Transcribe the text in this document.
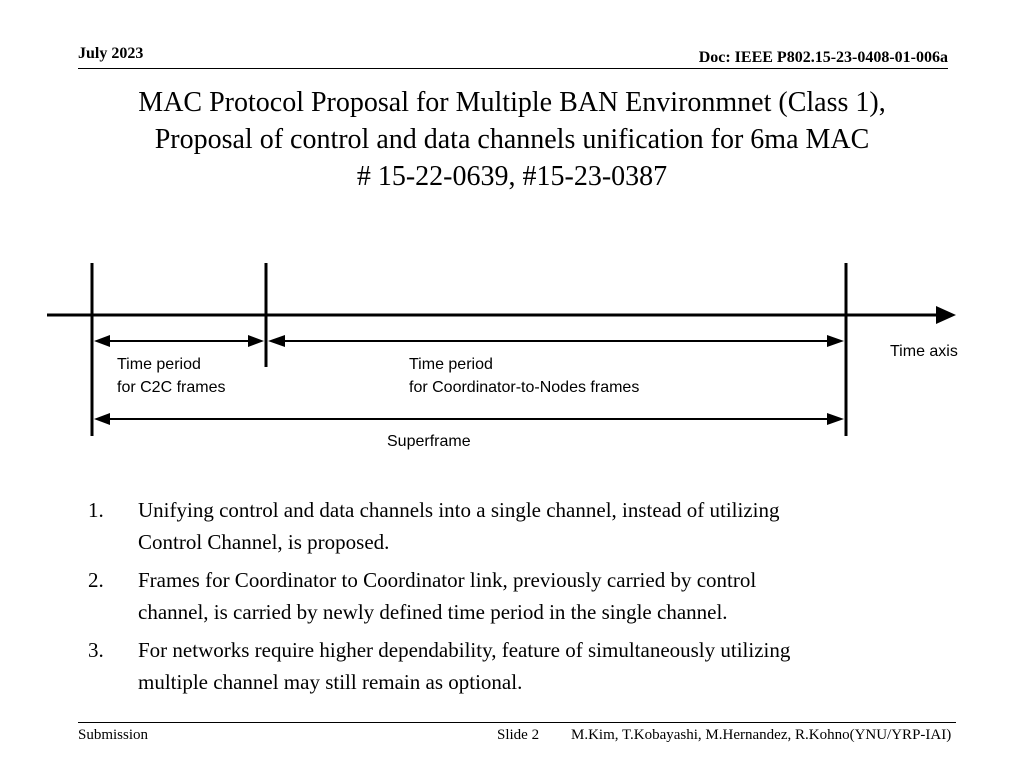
July 2023	Doc: IEEE P802.15-23-0408-01-006a
MAC Protocol Proposal for Multiple BAN Environmnet (Class 1),
Proposal of control and data channels unification for 6ma MAC
# 15-22-0639, #15-23-0387
Time axis
Time period
for C2C frames
Time period
for Coordinator-to-Nodes frames
Superframe
1. Unifying control and data channels into a single channel, instead of utilizing
Control Channel, is proposed.
2. Frames for Coordinator to Coordinator link, previously carried by control
channel, is carried by newly defined time period in the single channel.
3. For networks require higher dependability, feature of simultaneously utilizing
multiple channel may still remain as optional.
Submission	Slide 2 M.Kim, T.Kobayashi, M.Hernandez, R.Kohno(YNU/YRP-IAI)
